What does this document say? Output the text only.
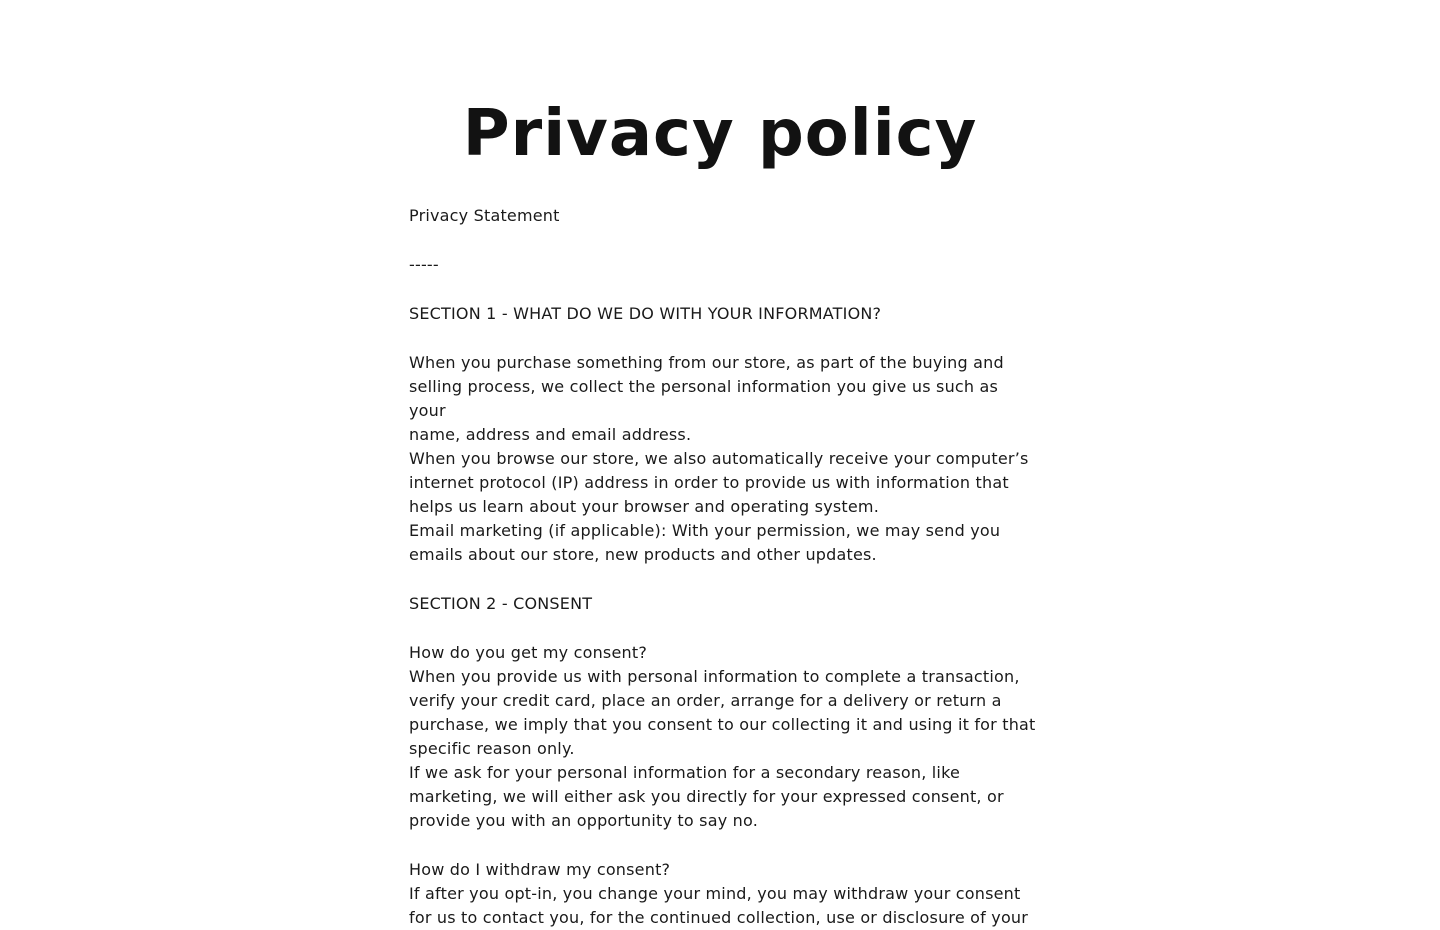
Privacy policy

Privacy Statement

-----

SECTION 1 - WHAT DO WE DO WITH YOUR INFORMATION?

When you purchase something from our store, as part of the buying and
selling process, we collect the personal information you give us such as your
name, address and email address.

When you browse our store, we also automatically receive your computer’s
internet protocol (IP) address in order to provide us with information that
helps us learn about your browser and operating system.

Email marketing (if applicable): With your permission, we may send you
emails about our store, new products and other updates.

SECTION 2 - CONSENT

How do you get my consent?

When you provide us with personal information to complete a transaction,
verify your credit card, place an order, arrange for a delivery or return a
purchase, we imply that you consent to our collecting it and using it for that
specific reason only.

If we ask for your personal information for a secondary reason, like
marketing, we will either ask you directly for your expressed consent, or
provide you with an opportunity to say no.

How do I withdraw my consent?

If after you opt-in, you change your mind, you may withdraw your consent
for us to contact you, for the continued collection, use or disclosure of your
